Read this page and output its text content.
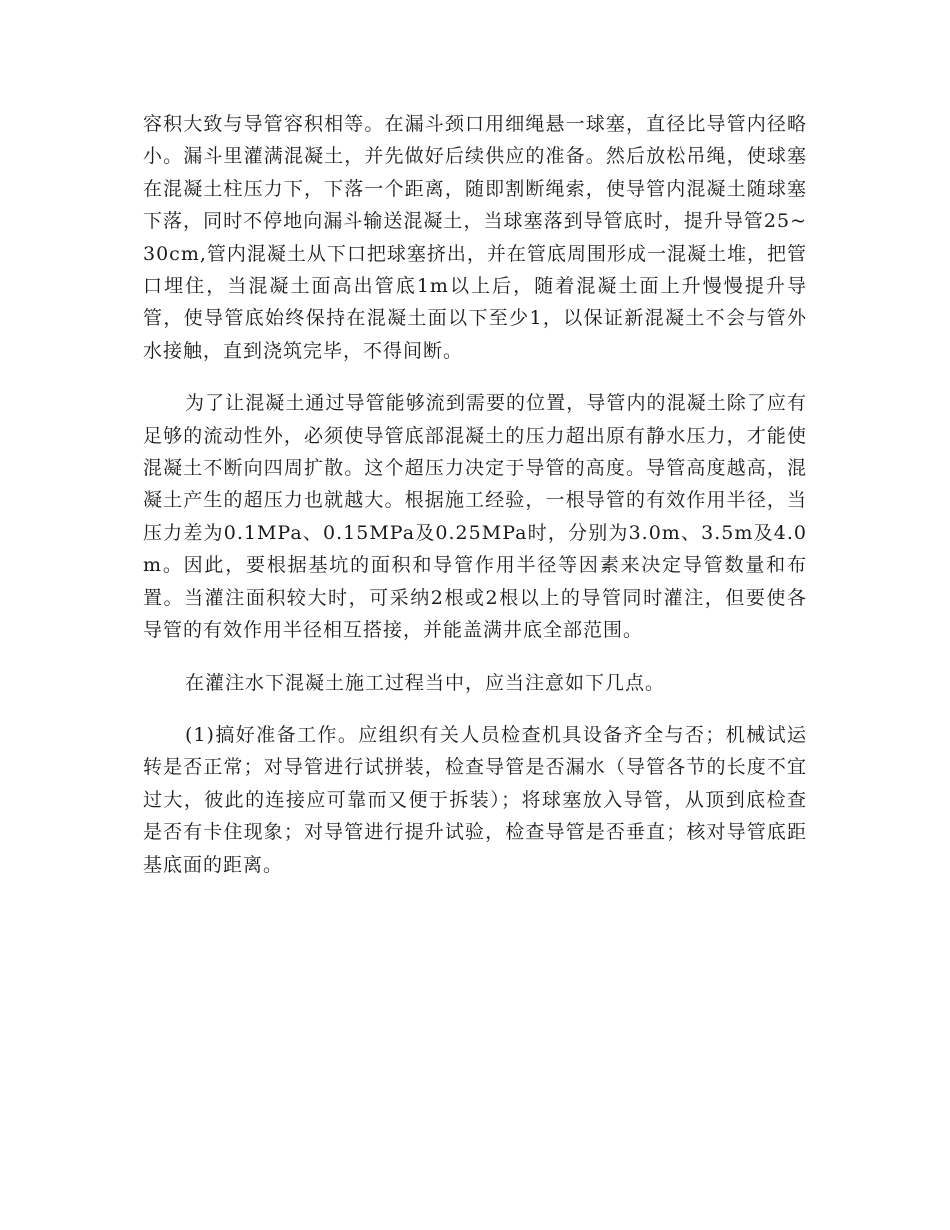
容积大致与导管容积相等。在漏斗颈口用细绳悬一球塞，直径比导管内径略小。漏斗里灌满混凝土，并先做好后续供应的准备。然后放松吊绳，使球塞在混凝土柱压力下，下落一个距离，随即割断绳索，使导管内混凝土随球塞下落，同时不停地向漏斗输送混凝土，当球塞落到导管底时，提升导管25~30cm,管内混凝土从下口把球塞挤出，并在管底周围形成一混凝土堆，把管口埋住，当混凝土面高出管底1m以上后，随着混凝土面上升慢慢提升导管，使导管底始终保持在混凝土面以下至少1，以保证新混凝土不会与管外水接触，直到浇筑完毕，不得间断。

为了让混凝土通过导管能够流到需要的位置，导管内的混凝土除了应有足够的流动性外，必须使导管底部混凝土的压力超出原有静水压力，才能使混凝土不断向四周扩散。这个超压力决定于导管的高度。导管高度越高，混凝土产生的超压力也就越大。根据施工经验，一根导管的有效作用半径，当压力差为0.1MPa、0.15MPa及0.25MPa时，分别为3.0m、3.5m及4.0m。因此，要根据基坑的面积和导管作用半径等因素来决定导管数量和布置。当灌注面积较大时，可采纳2根或2根以上的导管同时灌注，但要使各导管的有效作用半径相互搭接，并能盖满井底全部范围。

在灌注水下混凝土施工过程当中，应当注意如下几点。

(1)搞好准备工作。应组织有关人员检查机具设备齐全与否；机械试运转是否正常；对导管进行试拼装，检查导管是否漏水（导管各节的长度不宜过大，彼此的连接应可靠而又便于拆装）；将球塞放入导管，从顶到底检查是否有卡住现象；对导管进行提升试验，检查导管是否垂直；核对导管底距基底面的距离。
